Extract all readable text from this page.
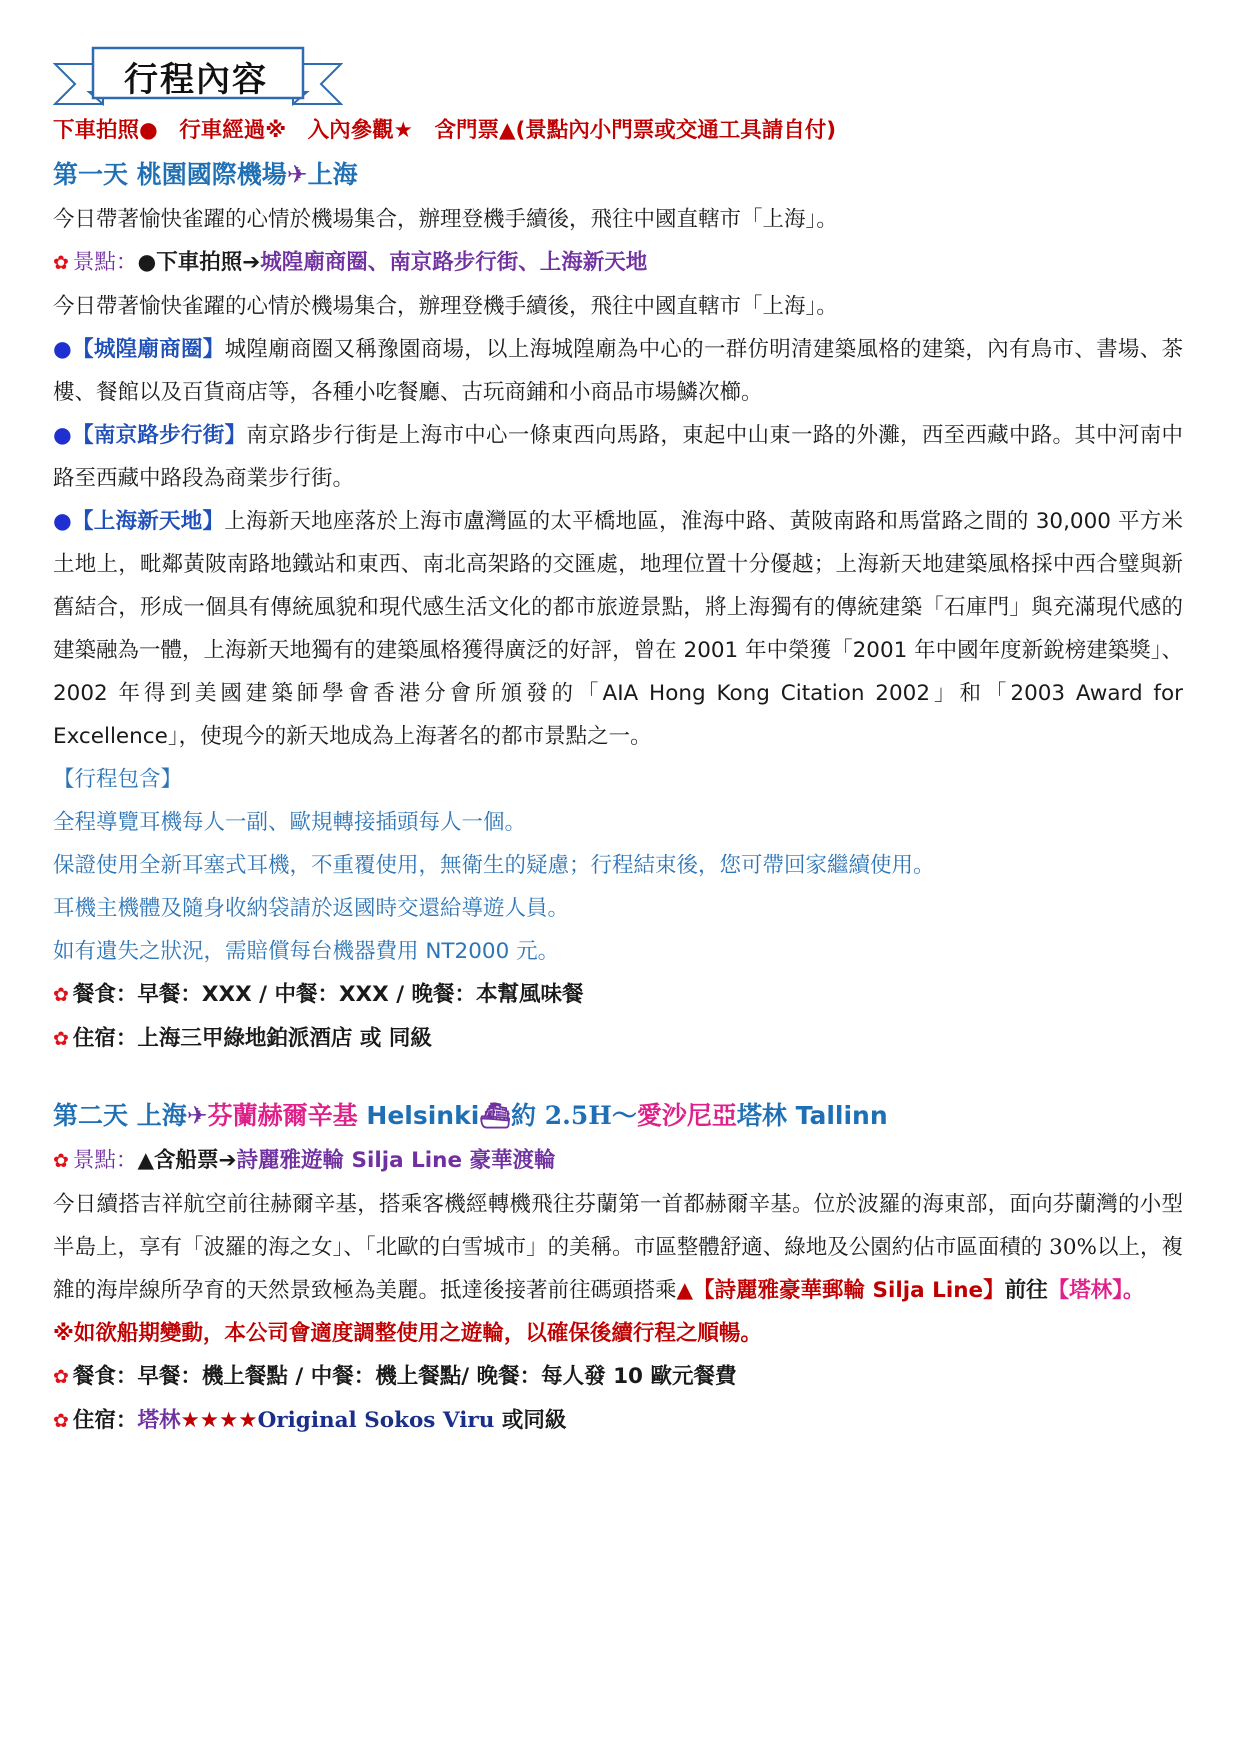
行程內容
下車拍照●　行車經過※　入內參觀★　含門票▲(景點內小門票或交通工具請自付)
第一天 桃園國際機場✈上海
今日帶著愉快雀躍的心情於機場集合，辦理登機手續後，飛往中國直轄市「上海」。
✿ 景點：●下車拍照➔城隍廟商圈、南京路步行街、上海新天地
今日帶著愉快雀躍的心情於機場集合，辦理登機手續後，飛往中國直轄市「上海」。
●【城隍廟商圈】城隍廟商圈又稱豫園商場，以上海城隍廟為中心的一群仿明清建築風格的建築，內有鳥市、書場、茶樓、餐館以及百貨商店等，各種小吃餐廳、古玩商鋪和小商品市場鱗次櫛。
●【南京路步行街】南京路步行街是上海市中心一條東西向馬路，東起中山東一路的外灘，西至西藏中路。其中河南中路至西藏中路段為商業步行街。
●【上海新天地】上海新天地座落於上海市盧灣區的太平橋地區，淮海中路、黃陂南路和馬當路之間的 30,000 平方米土地上，毗鄰黃陂南路地鐵站和東西、南北高架路的交匯處，地理位置十分優越；上海新天地建築風格採中西合璧與新舊結合，形成一個具有傳統風貌和現代感生活文化的都市旅遊景點，將上海獨有的傳統建築「石庫門」與充滿現代感的建築融為一體，上海新天地獨有的建築風格獲得廣泛的好評，曾在 2001 年中榮獲「2001 年中國年度新銳榜建築獎」、2002 年得到美國建築師學會香港分會所頒發的「AIA Hong Kong Citation 2002」和「2003 Award for Excellence」，使現今的新天地成為上海著名的都市景點之一。
【行程包含】
全程導覽耳機每人一副、歐規轉接插頭每人一個。
保證使用全新耳塞式耳機，不重覆使用，無衛生的疑慮；行程結束後，您可帶回家繼續使用。
耳機主機體及隨身收納袋請於返國時交還給導遊人員。
如有遺失之狀況，需賠償每台機器費用 NT2000 元。
✿ 餐食：早餐：XXX / 中餐：XXX / 晚餐：本幫風味餐
✿ 住宿：上海三甲綠地鉑派酒店 或 同級
第二天 上海✈芬蘭赫爾辛基 Helsinki⛴約 2.5H～愛沙尼亞塔林 Tallinn
✿ 景點：▲含船票➔詩麗雅遊輪 Silja Line 豪華渡輪
今日續搭吉祥航空前往赫爾辛基，搭乘客機經轉機飛往芬蘭第一首都赫爾辛基。位於波羅的海東部，面向芬蘭灣的小型半島上，享有「波羅的海之女」、「北歐的白雪城市」的美稱。市區整體舒適、綠地及公園約佔市區面積的 30%以上，複雜的海岸線所孕育的天然景致極為美麗。抵達後接著前往碼頭搭乘▲【詩麗雅豪華郵輪 Silja Line】前往【塔林】。
※如欲船期變動，本公司會適度調整使用之遊輪，以確保後續行程之順暢。
✿ 餐食：早餐：機上餐點 / 中餐：機上餐點/ 晚餐：每人發 10 歐元餐費
✿ 住宿：塔林★★★★Original Sokos Viru 或同級
